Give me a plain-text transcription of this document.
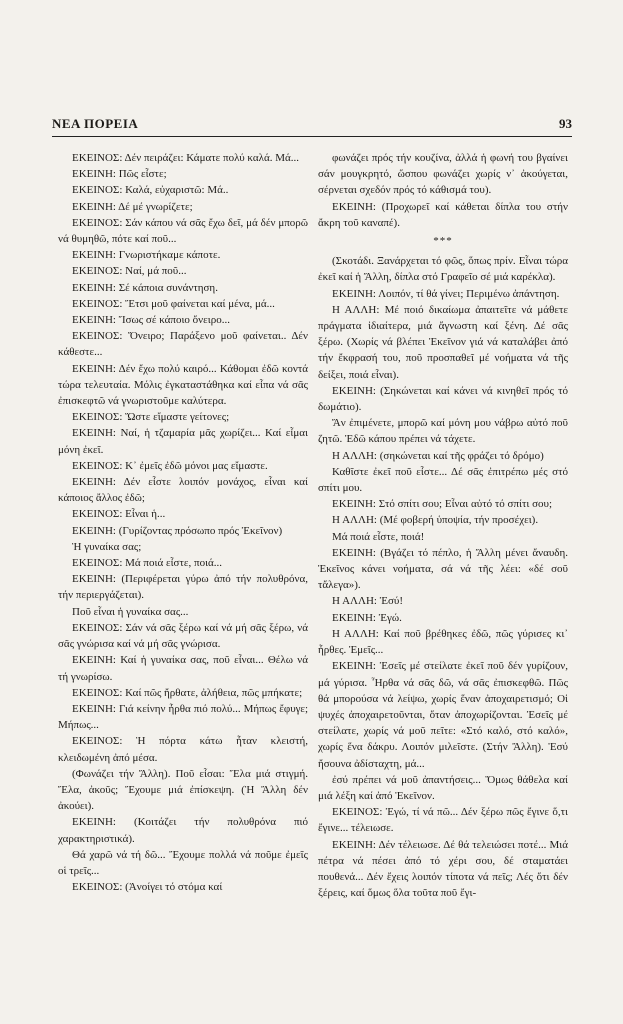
ΝΕΑ ΠΟΡΕΙΑ	93

ΕΚΕΙΝΟΣ: Δέν πειράζει: Κάματε πολύ καλά. Μά...

ΕΚΕΙΝΗ: Πῶς εἶστε;

ΕΚΕΙΝΟΣ: Καλά, εὐχαριστῶ: Μά..

ΕΚΕΙΝΗ: Δέ μέ γνωρίζετε;

ΕΚΕΙΝΟΣ: Σάν κάπου νά σᾶς ἔχω δεῖ, μά δέν μπορῶ νά θυμηθῶ, πότε καί ποῦ...

ΕΚΕΙΝΗ: Γνωριστήκαμε κάποτε.

ΕΚΕΙΝΟΣ: Ναί, μά ποῦ...

ΕΚΕΙΝΗ: Σέ κάποια συνάντηση.

ΕΚΕΙΝΟΣ: Ἔτσι μοῦ φαίνεται καί μένα, μά...

ΕΚΕΙΝΗ: Ἴσως σέ κάποιο ὄνειρο...

ΕΚΕΙΝΟΣ: Ὄνειρο; Παράξενο μοῦ φαίνεται.. Δέν κάθεστε...

ΕΚΕΙΝΗ: Δέν ἔχω πολύ καιρό... Κάθομαι ἐδῶ κοντά τώρα τελευταία. Μόλις ἐγκαταστάθηκα καί εἶπα νά σᾶς ἐπισκεφτῶ νά γνωριστοῦμε καλύτερα.

ΕΚΕΙΝΟΣ: Ὥστε εἴμαστε γείτονες;

ΕΚΕΙΝΗ: Ναί, ἡ τζαμαρία μᾶς χωρίζει... Καί εἶμαι μόνη ἐκεῖ.

ΕΚΕΙΝΟΣ: Κ᾿ ἐμεῖς ἐδῶ μόνοι μας εἴμαστε.

ΕΚΕΙΝΗ: Δέν εἶστε λοιπόν μονάχος, εἶναι καί κάποιος ἄλλος ἐδῶ;

ΕΚΕΙΝΟΣ: Εἶναι ἡ...

ΕΚΕΙΝΗ: (Γυρίζοντας πρόσωπο πρός Ἐκεῖνον)

Ἡ γυναίκα σας;

ΕΚΕΙΝΟΣ: Μά ποιά εἶστε, ποιά...

ΕΚΕΙΝΗ: (Περιφέρεται γύρω ἀπό τήν πολυθρόνα, τήν περιεργάζεται).

Ποῦ εἶναι ἡ γυναίκα σας...

ΕΚΕΙΝΟΣ: Σάν νά σᾶς ξέρω καί νά μή σᾶς ξέρω, νά σᾶς γνώρισα καί νά μή σᾶς γνώρισα.

ΕΚΕΙΝΗ: Καί ἡ γυναίκα σας, ποῦ εἶναι... Θέλω νά τή γνωρίσω.

ΕΚΕΙΝΟΣ: Καί πῶς ἤρθατε, ἀλήθεια, πῶς μπήκατε;

ΕΚΕΙΝΗ: Γιά κείνην ἦρθα πιό πολύ... Μήπως ἔφυγε; Μήπως...

ΕΚΕΙΝΟΣ: Ἡ πόρτα κάτω ἦταν κλειστή, κλειδωμένη ἀπό μέσα.

(Φωνάζει τήν Ἄλλη). Ποῦ εἶσαι: Ἔλα μιά στιγμή. Ἔλα, ἀκοῦς; Ἔχουμε μιά ἐπίσκεψη. (Ἡ Ἄλλη δέν ἀκούει).

ΕΚΕΙΝΗ: (Κοιτάζει τήν πολυθρόνα πιό χαρακτηριστικά).

Θά χαρῶ νά τή δῶ... Ἔχουμε πολλά νά ποῦμε ἐμεῖς οἱ τρεῖς...

ΕΚΕΙΝΟΣ: (Ἀνοίγει τό στόμα καί

φωνάζει πρός τήν κουζίνα, ἀλλά ἡ φωνή του βγαίνει σάν μουγκρητό, ὥσπου φωνάζει χωρίς ν᾿ ἀκούγεται, σέρνεται σχεδόν πρός τό κάθισμά του).

ΕΚΕΙΝΗ: (Προχωρεῖ καί κάθεται δίπλα του στήν ἄκρη τοῦ καναπέ).

***

(Σκοτάδι. Ξανάρχεται τό φῶς, ὅπως πρίν. Εἶναι τώρα ἐκεῖ καί ἡ Ἄλλη, δίπλα στό Γραφεῖο σέ μιά καρέκλα).

ΕΚΕΙΝΗ: Λοιπόν, τί θά γίνει; Περιμένω ἀπάντηση.

Η ΑΛΛΗ: Μέ ποιό δικαίωμα ἀπαιτεῖτε νά μάθετε πράγματα ἰδιαίτερα, μιά ἄγνωστη καί ξένη. Δέ σᾶς ξέρω. (Χωρίς νά βλέπει Ἐκεῖνον γιά νά καταλάβει ἀπό τήν ἔκφρασή του, ποῦ προσπαθεῖ μέ νοήματα νά τῆς δείξει, ποιά εἶναι).

ΕΚΕΙΝΗ: (Σηκώνεται καί κάνει νά κινηθεῖ πρός τό δωμάτιο).

Ἄν ἐπιμένετε, μπορῶ καί μόνη μου νάβρω αὐτό ποῦ ζητῶ. Ἐδῶ κάπου πρέπει νά τάχετε.

Η ΑΛΛΗ: (σηκώνεται καί τῆς φράζει τό δρόμο)

Καθῖστε ἐκεῖ ποῦ εἶστε... Δέ σᾶς ἐπιτρέπω μές στό σπίτι μου.

ΕΚΕΙΝΗ: Στό σπίτι σου; Εἶναι αὐτό τό σπίτι σου;

Η ΑΛΛΗ: (Μέ φοβερή ὑποψία, τήν προσέχει).

Μά ποιά εἶστε, ποιά!

ΕΚΕΙΝΗ: (Βγάζει τό πέπλο, ἡ Ἄλλη μένει ἄναυδη. Ἐκεῖνος κάνει νοήματα, σά νά τῆς λέει: «δέ σοῦ τἄλεγα»).

Η ΑΛΛΗ: Ἐσύ!

ΕΚΕΙΝΗ: Ἐγώ.

Η ΑΛΛΗ: Καί ποῦ βρέθηκες ἐδῶ, πῶς γύρισες κι᾿ ἦρθες. Ἐμεῖς...

ΕΚΕΙΝΗ: Ἐσεῖς μέ στείλατε ἐκεῖ ποῦ δέν γυρίζουν, μά γύρισα. Ἦρθα νά σᾶς δῶ, νά σᾶς ἐπισκεφθῶ. Πῶς θά μπορούσα νά λείψω, χωρίς ἕναν ἀποχαιρετισμό; Οἱ ψυχές ἀποχαιρετοῦνται, ὅταν ἀποχωρίζονται. Ἐσεῖς μέ στείλατε, χωρίς νά μοῦ πεῖτε: «Στό καλό, στό καλό», χωρίς ἕνα δάκρυ. Λοιπόν μιλεῖστε. (Στήν Ἄλλη). Ἐσύ ἤσουνα ἀδίσταχτη, μά...

ἐσύ πρέπει νά μοῦ ἀπαντήσεις... Ὅμως θάθελα καί μιά λέξη καί ἀπό Ἐκεῖνον.

ΕΚΕΙΝΟΣ: Ἐγώ, τί νά πῶ... Δέν ξέρω πῶς ἔγινε ὅ,τι ἔγινε... τέλειωσε.

ΕΚΕΙΝΗ: Δέν τέλειωσε. Δέ θά τελειώσει ποτέ... Μιά πέτρα νά πέσει ἀπό τό χέρι σου, δέ σταματάει πουθενά... Δέν ἔχεις λοιπόν τίποτα νά πεῖς; Λές ὅτι δέν ξέρεις, καί ὅμως ὅλα τοῦτα ποῦ ἔγι-
